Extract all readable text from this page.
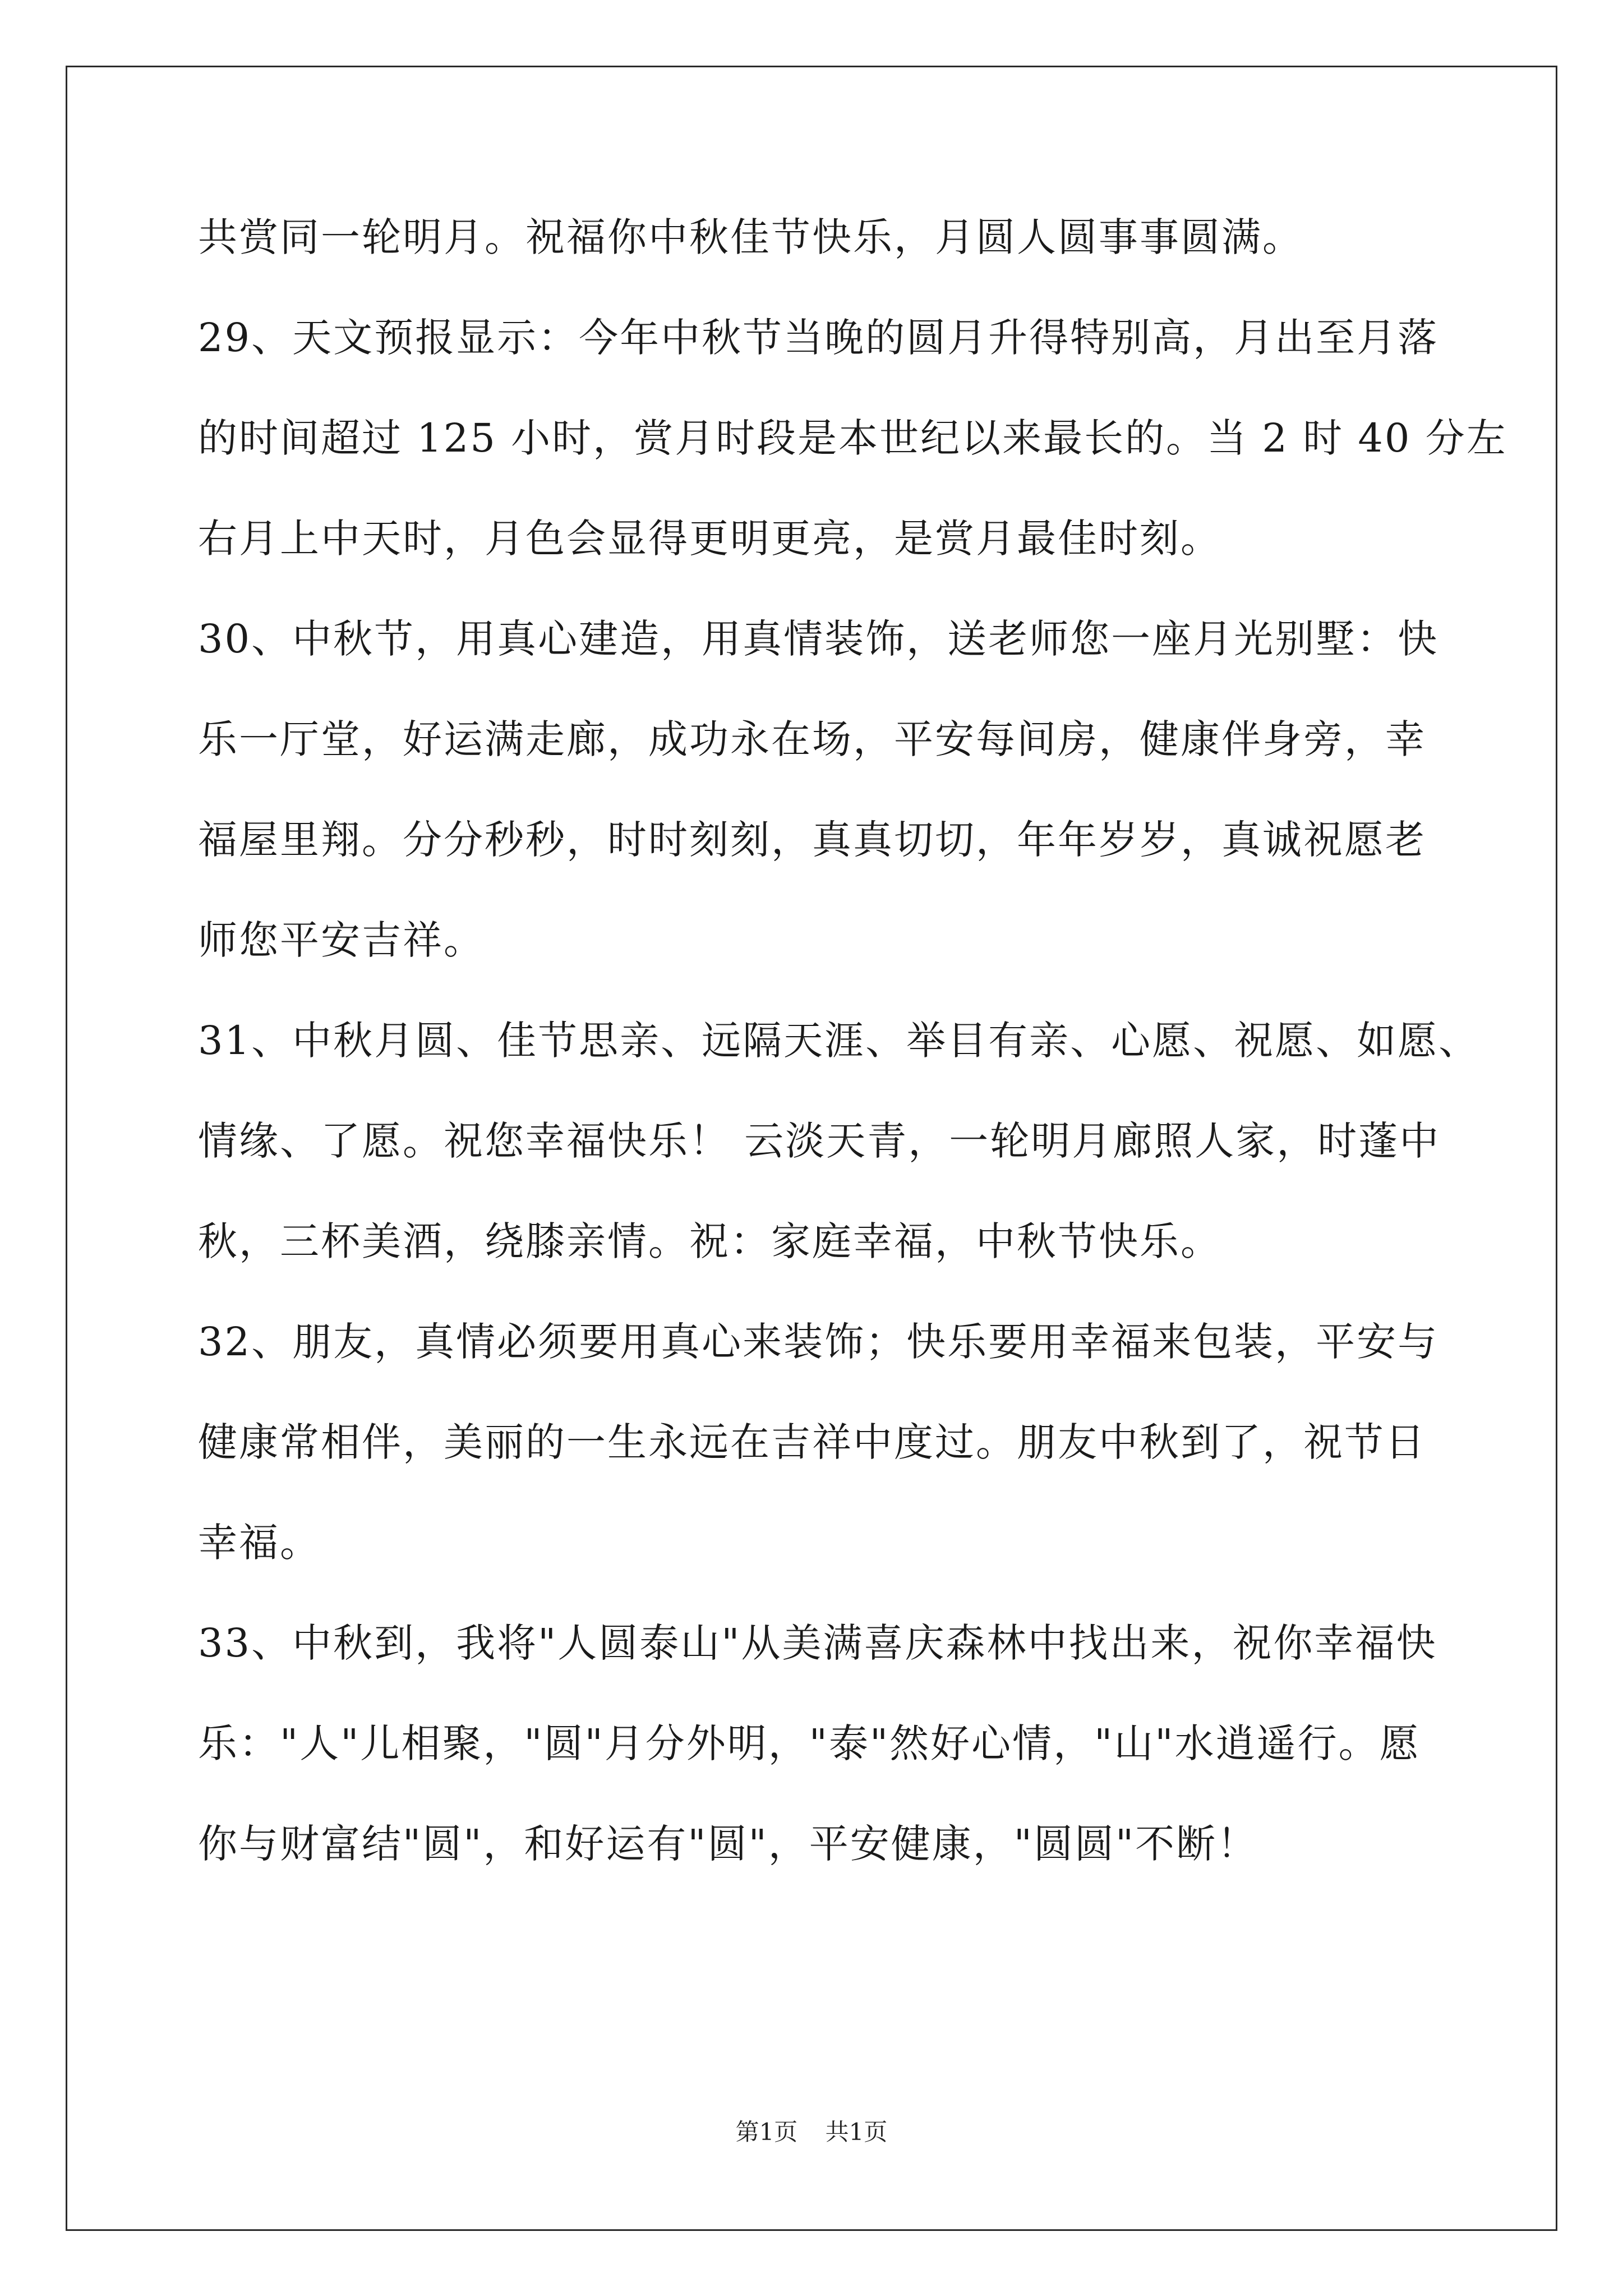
共赏同一轮明月。祝福你中秋佳节快乐，月圆人圆事事圆满。
29、天文预报显示：今年中秋节当晚的圆月升得特别高，月出至月落
的时间超过 125 小时，赏月时段是本世纪以来最长的。当 2 时 40 分左
右月上中天时，月色会显得更明更亮，是赏月最佳时刻。
30、中秋节，用真心建造，用真情装饰，送老师您一座月光别墅：快
乐一厅堂，好运满走廊，成功永在场，平安每间房，健康伴身旁，幸
福屋里翔。分分秒秒，时时刻刻，真真切切，年年岁岁，真诚祝愿老
师您平安吉祥。
31、中秋月圆、佳节思亲、远隔天涯、举目有亲、心愿、祝愿、如愿、
情缘、了愿。祝您幸福快乐！ 云淡天青，一轮明月廊照人家，时蓬中
秋，三杯美酒，绕膝亲情。祝：家庭幸福，中秋节快乐。
32、朋友，真情必须要用真心来装饰；快乐要用幸福来包装，平安与
健康常相伴，美丽的一生永远在吉祥中度过。朋友中秋到了，祝节日
幸福。
33、中秋到，我将"人圆泰山"从美满喜庆森林中找出来，祝你幸福快
乐："人"儿相聚，"圆"月分外明，"泰"然好心情，"山"水逍遥行。愿
你与财富结"圆"，和好运有"圆"，平安健康，"圆圆"不断！
第1页 共1页
